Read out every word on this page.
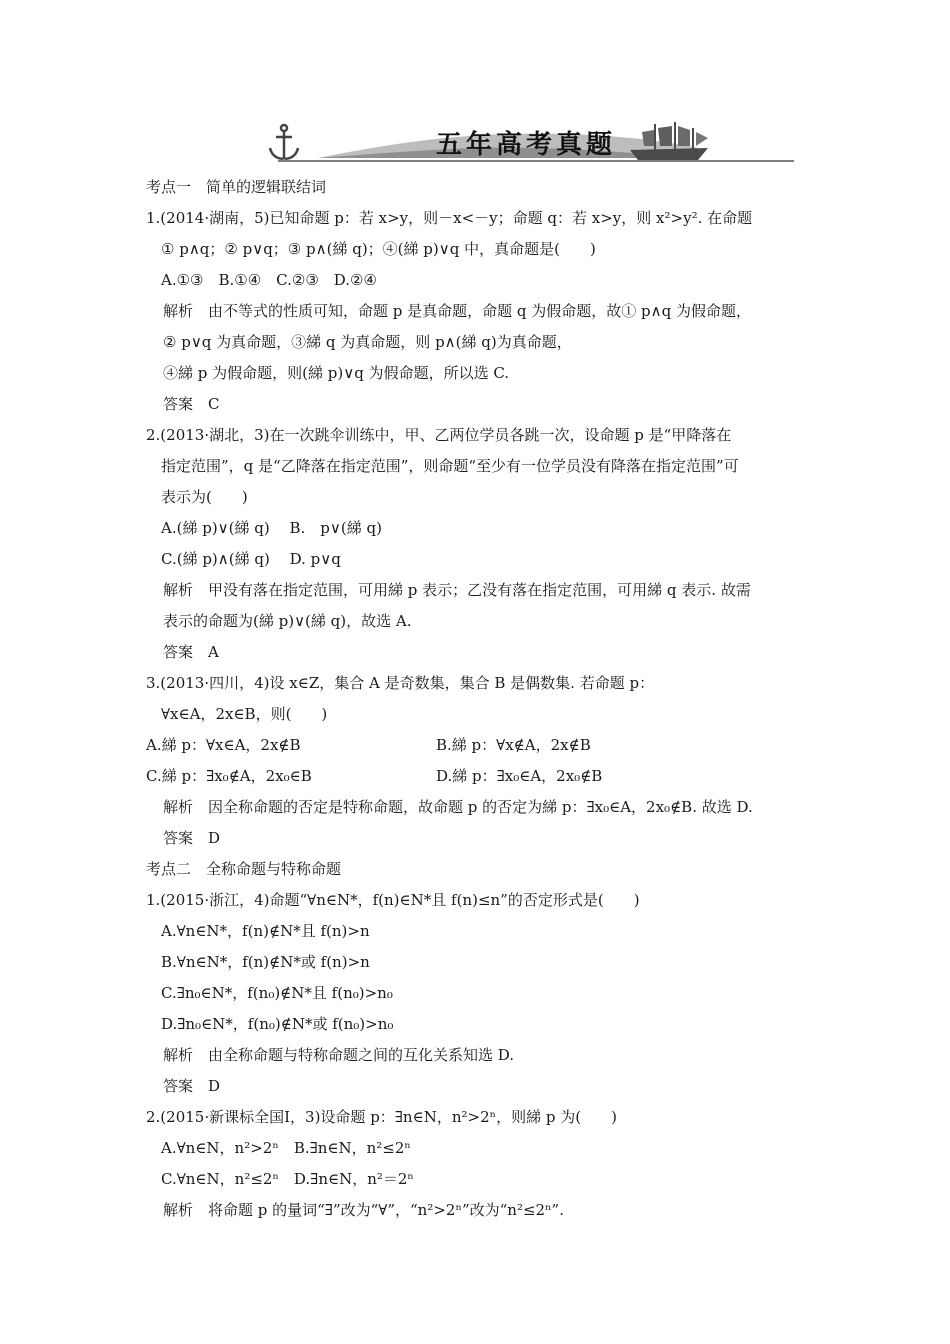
五年高考真题
考点一　简单的逻辑联结词
1.(2014·湖南，5)已知命题 p：若 x>y，则－x<－y；命题 q：若 x>y，则 x²>y². 在命题
① p∧q；② p∨q；③ p∧(綈 q)；④(綈 p)∨q 中，真命题是(　　)
A.①③　B.①④　C.②③　D.②④
解析　由不等式的性质可知，命题 p 是真命题，命题 q 为假命题，故① p∧q 为假命题，
② p∨q 为真命题，③綈 q 为真命题，则 p∧(綈 q)为真命题，
④綈 p 为假命题，则(綈 p)∨q 为假命题，所以选 C.
答案　C
2.(2013·湖北，3)在一次跳伞训练中，甲、乙两位学员各跳一次，设命题 p 是“甲降落在
指定范围”，q 是“乙降落在指定范围”，则命题“至少有一位学员没有降落在指定范围”可
表示为(　　)
A.(綈 p)∨(綈 q)　 B.　p∨(綈 q)
C.(綈 p)∧(綈 q)　 D. p∨q
解析　甲没有落在指定范围，可用綈 p 表示；乙没有落在指定范围，可用綈 q 表示. 故需
表示的命题为(綈 p)∨(綈 q)，故选 A.
答案　A
3.(2013·四川，4)设 x∈Z，集合 A 是奇数集，集合 B 是偶数集. 若命题 p：
∀x∈A，2x∈B，则(　　)
A.綈 p：∀x∈A，2x∉B	B.綈 p：∀x∉A，2x∉B
C.綈 p：∃x₀∉A，2x₀∈B	D.綈 p：∃x₀∈A，2x₀∉B
解析　因全称命题的否定是特称命题，故命题 p 的否定为綈 p：∃x₀∈A，2x₀∉B. 故选 D.
答案　D
考点二　全称命题与特称命题
1.(2015·浙江，4)命题“∀n∈N*，f(n)∈N*且 f(n)≤n”的否定形式是(　　)
A.∀n∈N*，f(n)∉N*且 f(n)>n
B.∀n∈N*，f(n)∉N*或 f(n)>n
C.∃n₀∈N*，f(n₀)∉N*且 f(n₀)>n₀
D.∃n₀∈N*，f(n₀)∉N*或 f(n₀)>n₀
解析　由全称命题与特称命题之间的互化关系知选 D.
答案　D
2.(2015·新课标全国Ⅰ，3)设命题 p：∃n∈N，n²>2ⁿ，则綈 p 为(　　)
A.∀n∈N，n²>2ⁿ　B.∃n∈N，n²≤2ⁿ
C.∀n∈N，n²≤2ⁿ　D.∃n∈N，n²＝2ⁿ
解析　将命题 p 的量词“∃”改为“∀”，“n²>2ⁿ”改为“n²≤2ⁿ”.
